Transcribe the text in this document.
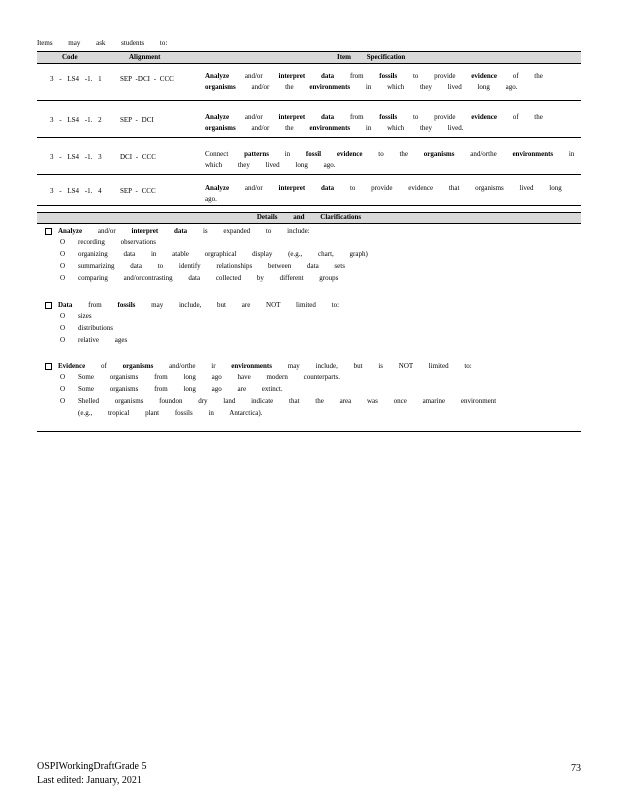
Items may ask students to:
Code	Alignment	Item Specification
3 - LS4 -1. 1	SEP -DCI - CCC	Analyze and/or interpret data from fossils to provide evidence of the organisms and/or the environments in which they lived long ago.
3 - LS4 -1. 2	SEP - DCI	Analyze and/or interpret data from fossils to provide evidence of the organisms and/or the environments in which they lived.
3 - LS4 -1. 3	DCI - CCC	Connect patterns in fossil evidence to the organisms and/orthe environments in which they lived long ago.
3 - LS4 -1. 4	SEP - CCC	Analyze and/or interpret data to provide evidence that organisms lived long ago.
Details and Clarifications
Analyze and/or interpret data is expanded to include:
O recording observations
O organizing data in atable orgraphical display (e.g., chart, graph)
O summarizing data to identify relationships between data sets
O comparing and/orcontrasting data collected by different groups
Data from fossils may include, but are NOT limited to:
O sizes
O distributions
O relative ages
Evidence of organisms and/orthe ir environments may include, but is NOT limited to:
O Some organisms from long ago have modern counterparts.
O Some organisms from long ago are extinct.
O Shelled organisms foundon dry land indicate that the area was once amarine environment
(e.g., tropical plant fossils in Antarctica).
OSPIWorkingDraftGrade 5
Last edited: January, 2021
73
